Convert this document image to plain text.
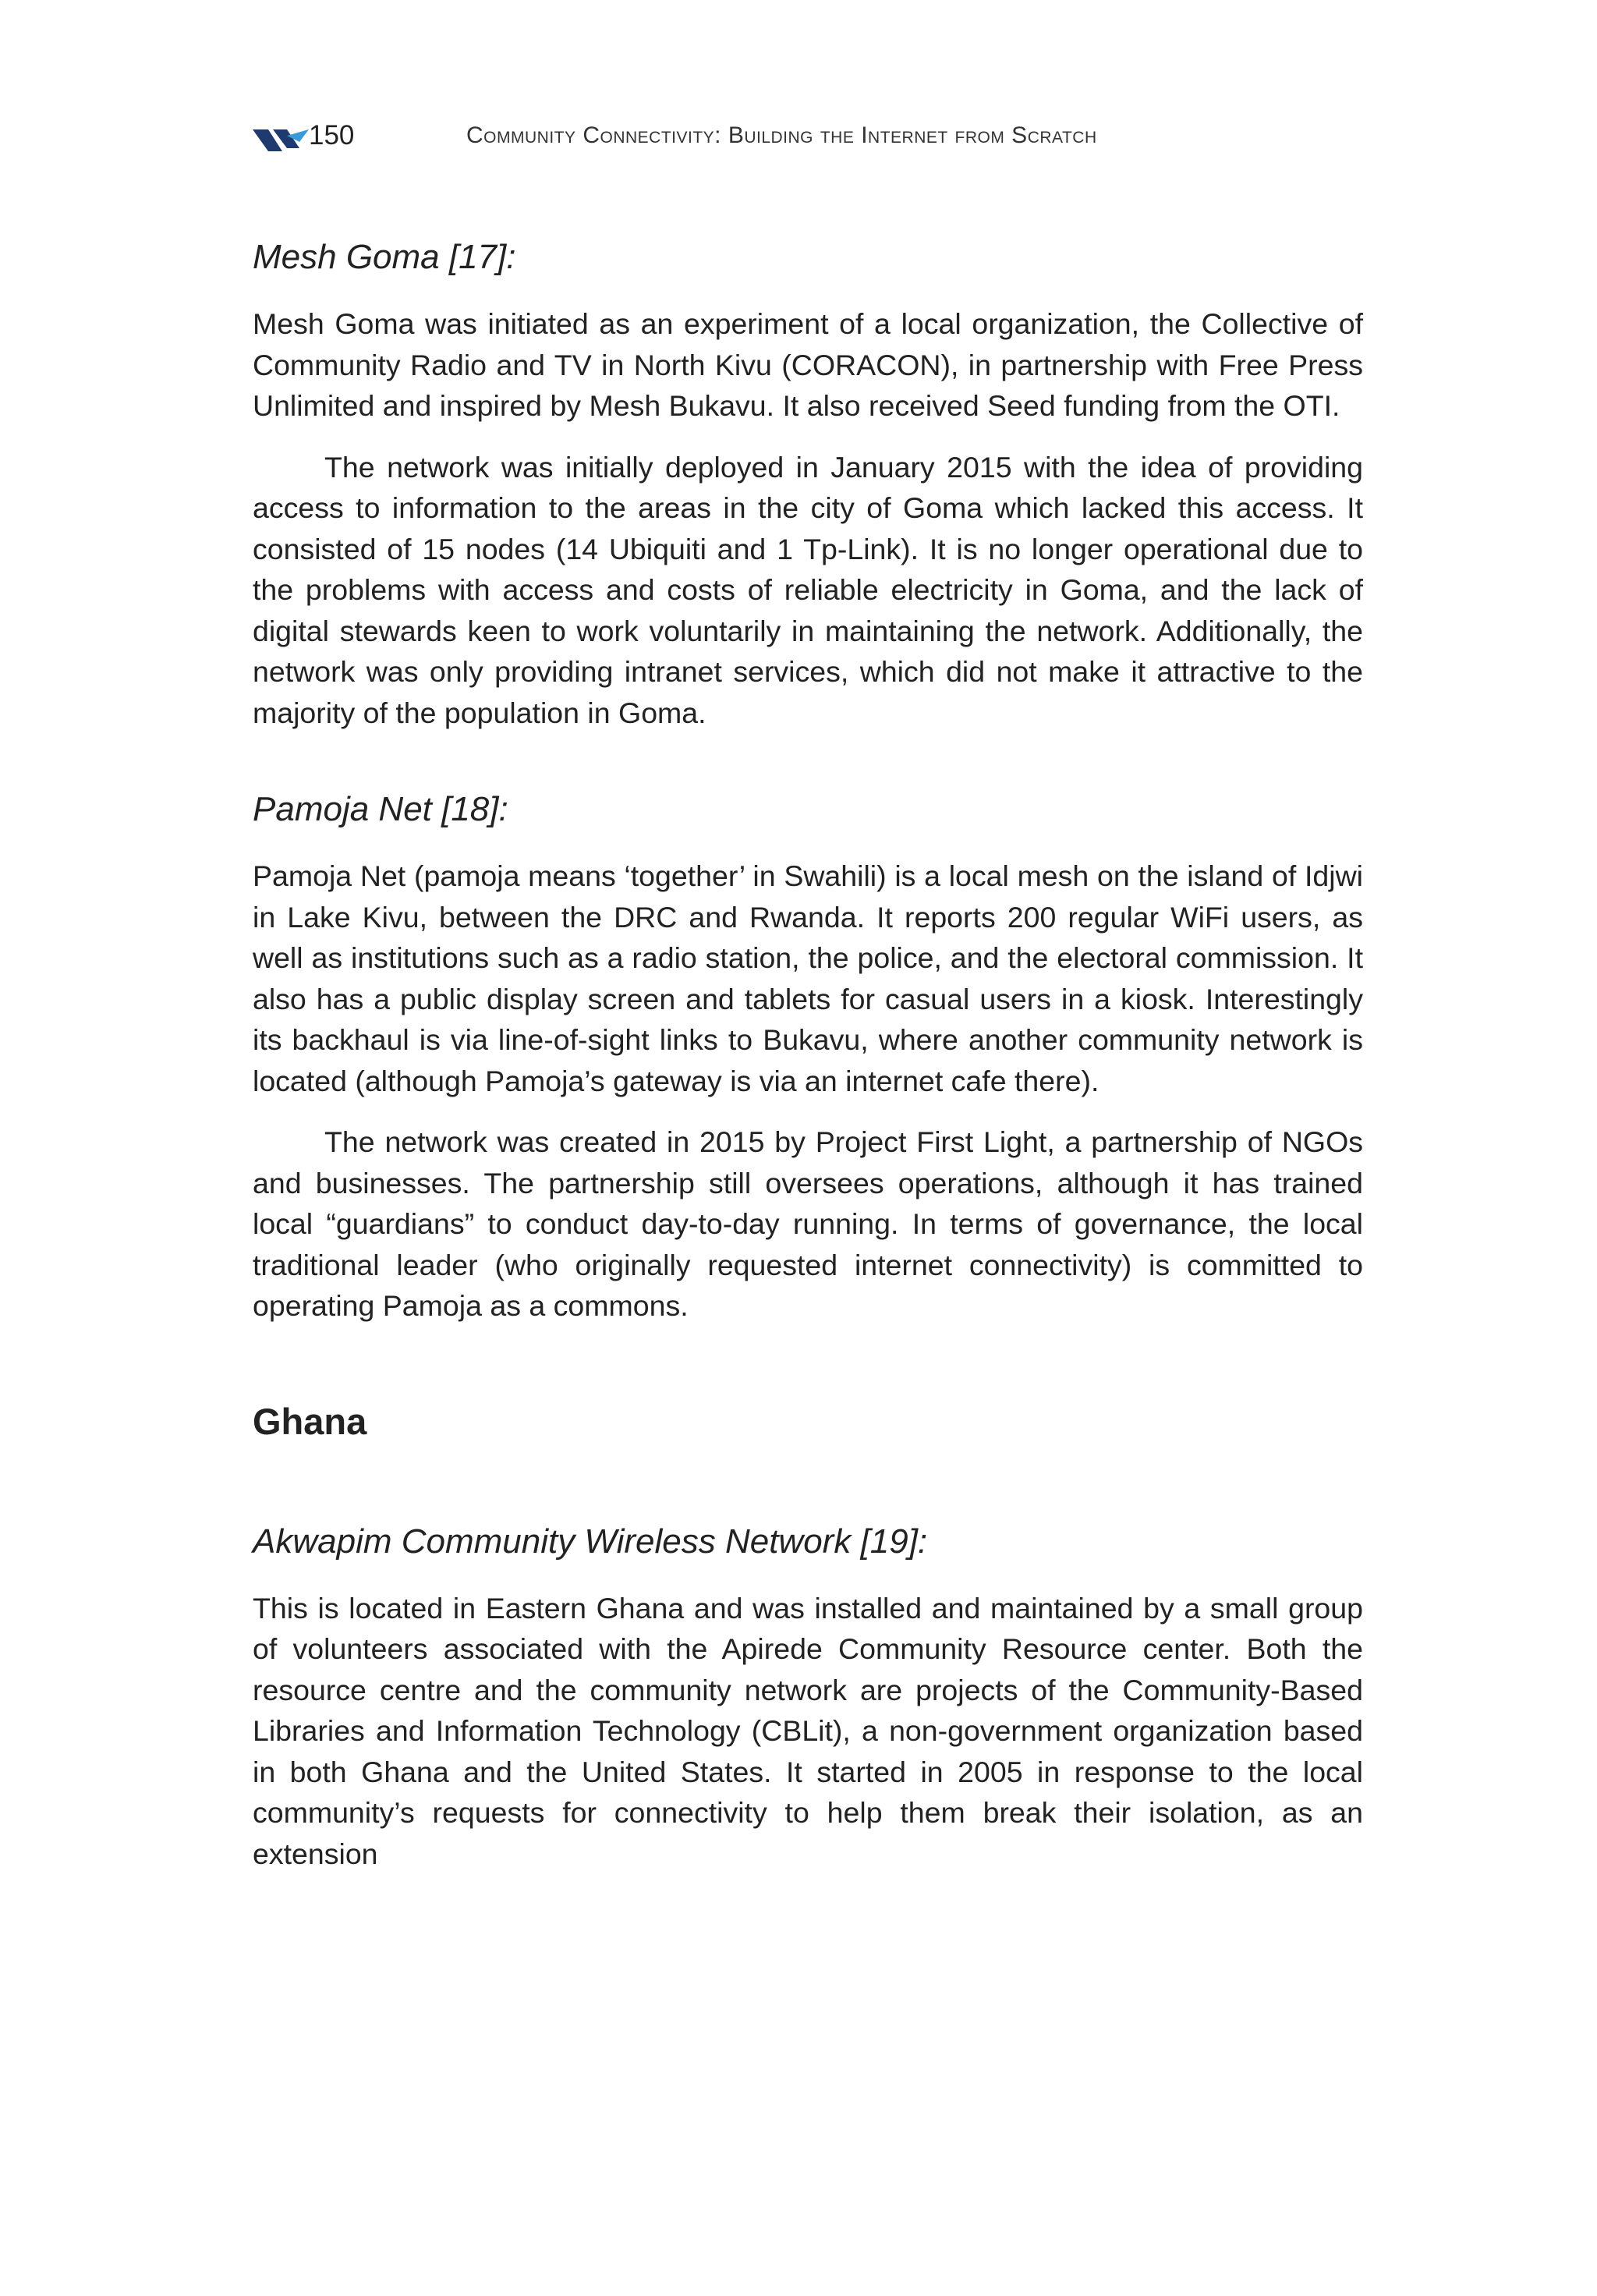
150	Community Connectivity: Building the Internet from Scratch
Mesh Goma [17]:

Mesh Goma was initiated as an experiment of a local organization, the Collective of Community Radio and TV in North Kivu (CORACON), in partnership with Free Press Unlimited and inspired by Mesh Bukavu. It also received Seed funding from the OTI.

The network was initially deployed in January 2015 with the idea of providing access to information to the areas in the city of Goma which lacked this access. It consisted of 15 nodes (14 Ubiquiti and 1 Tp-Link). It is no longer operational due to the problems with access and costs of reliable electricity in Goma, and the lack of digital stewards keen to work voluntarily in maintaining the network. Additionally, the network was only providing intranet services, which did not make it attractive to the majority of the population in Goma.

Pamoja Net [18]:

Pamoja Net (pamoja means ‘together’ in Swahili) is a local mesh on the island of Idjwi in Lake Kivu, between the DRC and Rwanda. It reports 200 regular WiFi users, as well as institutions such as a radio station, the police, and the electoral commission. It also has a public display screen and tablets for casual users in a kiosk. Interestingly its backhaul is via line-of-sight links to Bukavu, where another community network is located (although Pamoja’s gateway is via an internet cafe there).

The network was created in 2015 by Project First Light, a partnership of NGOs and businesses. The partnership still oversees operations, although it has trained local “guardians” to conduct day-to-day running. In terms of governance, the local traditional leader (who originally requested internet connectivity) is committed to operating Pamoja as a commons.

Ghana
Akwapim Community Wireless Network [19]:

This is located in Eastern Ghana and was installed and maintained by a small group of volunteers associated with the Apirede Community Resource center. Both the resource centre and the community network are projects of the Community-Based Libraries and Information Technology (CBLit), a non-government organization based in both Ghana and the United States. It started in 2005 in response to the local community’s requests for connectivity to help them break their isolation, as an extension
